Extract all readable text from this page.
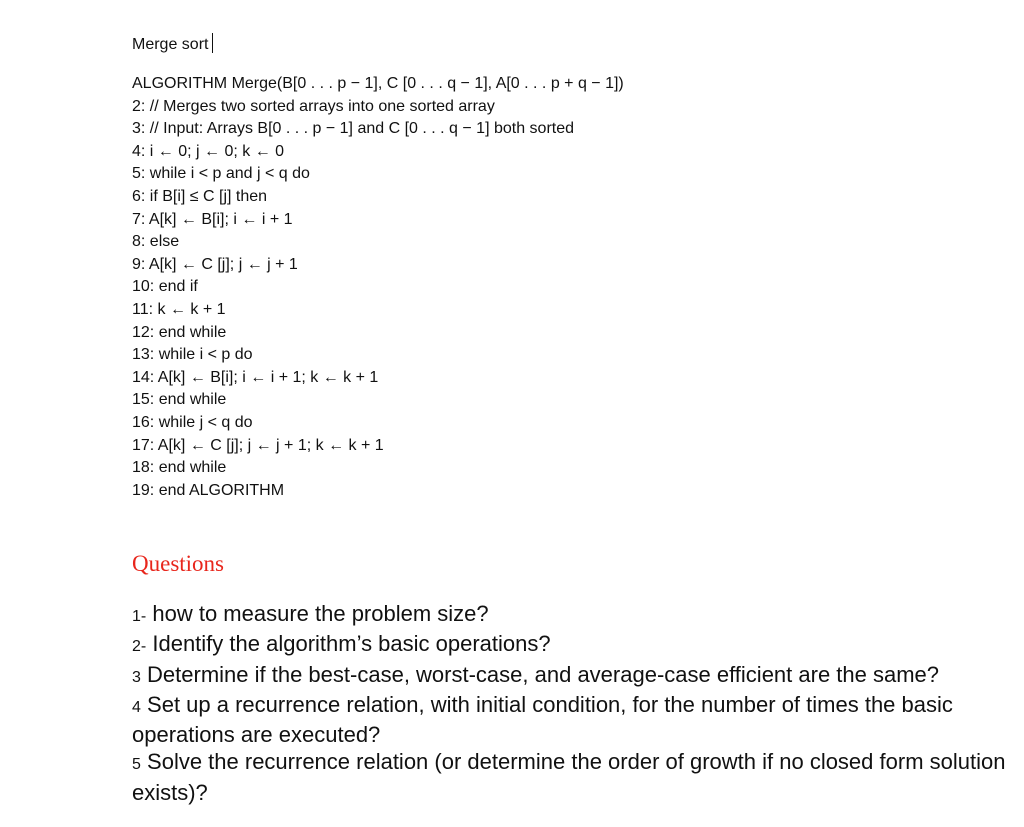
Merge sort
ALGORITHM Merge(B[0 . . . p − 1], C [0 . . . q − 1], A[0 . . . p + q − 1])
2: // Merges two sorted arrays into one sorted array
3: // Input: Arrays B[0 . . . p − 1] and C [0 . . . q − 1] both sorted
4: i ← 0; j ← 0; k ← 0
5: while i < p and j < q do
6: if B[i] ≤ C [j] then
7: A[k] ← B[i]; i ← i + 1
8: else
9: A[k] ← C [j]; j ← j + 1
10: end if
11: k ← k + 1
12: end while
13: while i < p do
14: A[k] ← B[i]; i ← i + 1; k ← k + 1
15: end while
16: while j < q do
17: A[k] ← C [j]; j ← j + 1; k ← k + 1
18: end while
19: end ALGORITHM
Questions
1- how to measure the problem size?
2- Identify the algorithm’s basic operations?
3 Determine if the best-case, worst-case, and average-case efficient are the same?
4 Set up a recurrence relation, with initial condition, for the number of times the basic operations are executed?
5 Solve the recurrence relation (or determine the order of growth if no closed form solution exists)?
